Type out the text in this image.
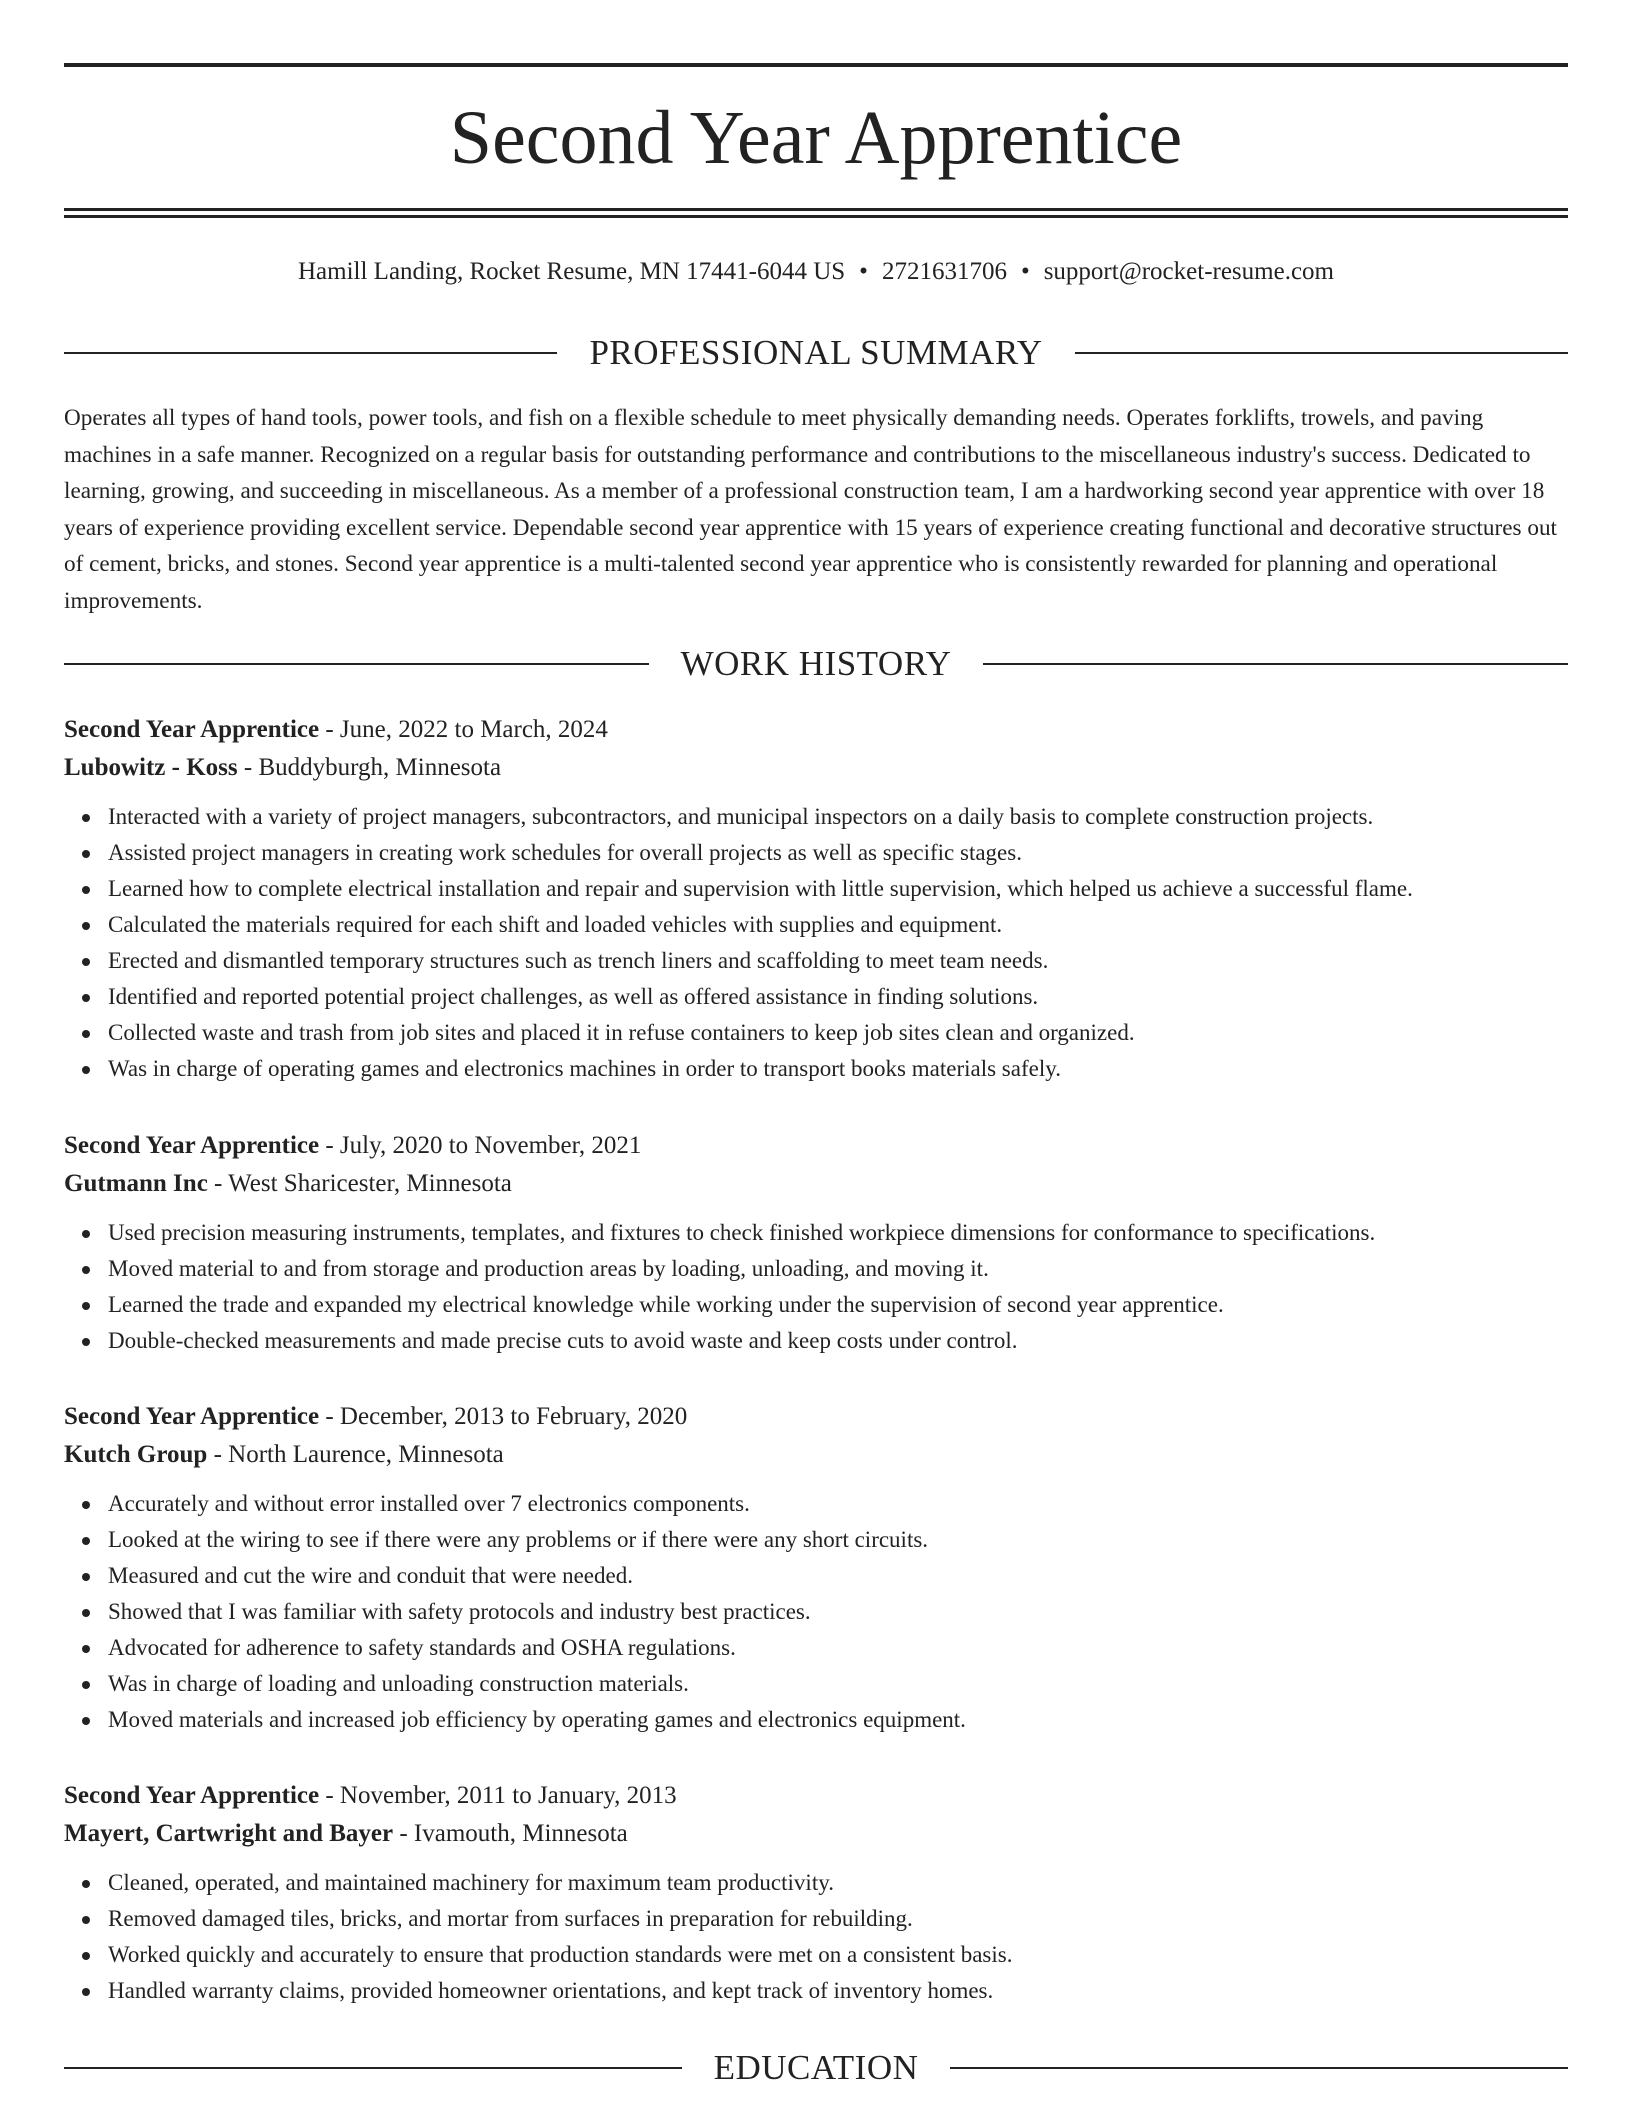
Second Year Apprentice
Hamill Landing, Rocket Resume, MN 17441-6044 US • 2721631706 • support@rocket-resume.com
PROFESSIONAL SUMMARY

Operates all types of hand tools, power tools, and fish on a flexible schedule to meet physically demanding needs. Operates forklifts, trowels, and paving machines in a safe manner. Recognized on a regular basis for outstanding performance and contributions to the miscellaneous industry's success. Dedicated to learning, growing, and succeeding in miscellaneous. As a member of a professional construction team, I am a hardworking second year apprentice with over 18 years of experience providing excellent service. Dependable second year apprentice with 15 years of experience creating functional and decorative structures out of cement, bricks, and stones. Second year apprentice is a multi-talented second year apprentice who is consistently rewarded for planning and operational improvements.

WORK HISTORY
Second Year Apprentice - June, 2022 to March, 2024
Lubowitz - Koss - Buddyburgh, Minnesota
Interacted with a variety of project managers, subcontractors, and municipal inspectors on a daily basis to complete construction projects.
Assisted project managers in creating work schedules for overall projects as well as specific stages.
Learned how to complete electrical installation and repair and supervision with little supervision, which helped us achieve a successful flame.
Calculated the materials required for each shift and loaded vehicles with supplies and equipment.
Erected and dismantled temporary structures such as trench liners and scaffolding to meet team needs.
Identified and reported potential project challenges, as well as offered assistance in finding solutions.
Collected waste and trash from job sites and placed it in refuse containers to keep job sites clean and organized.
Was in charge of operating games and electronics machines in order to transport books materials safely.
Second Year Apprentice - July, 2020 to November, 2021
Gutmann Inc - West Sharicester, Minnesota
Used precision measuring instruments, templates, and fixtures to check finished workpiece dimensions for conformance to specifications.
Moved material to and from storage and production areas by loading, unloading, and moving it.
Learned the trade and expanded my electrical knowledge while working under the supervision of second year apprentice.
Double-checked measurements and made precise cuts to avoid waste and keep costs under control.
Second Year Apprentice - December, 2013 to February, 2020
Kutch Group - North Laurence, Minnesota
Accurately and without error installed over 7 electronics components.
Looked at the wiring to see if there were any problems or if there were any short circuits.
Measured and cut the wire and conduit that were needed.
Showed that I was familiar with safety protocols and industry best practices.
Advocated for adherence to safety standards and OSHA regulations.
Was in charge of loading and unloading construction materials.
Moved materials and increased job efficiency by operating games and electronics equipment.
Second Year Apprentice - November, 2011 to January, 2013
Mayert, Cartwright and Bayer - Ivamouth, Minnesota
Cleaned, operated, and maintained machinery for maximum team productivity.
Removed damaged tiles, bricks, and mortar from surfaces in preparation for rebuilding.
Worked quickly and accurately to ensure that production standards were met on a consistent basis.
Handled warranty claims, provided homeowner orientations, and kept track of inventory homes.
EDUCATION
